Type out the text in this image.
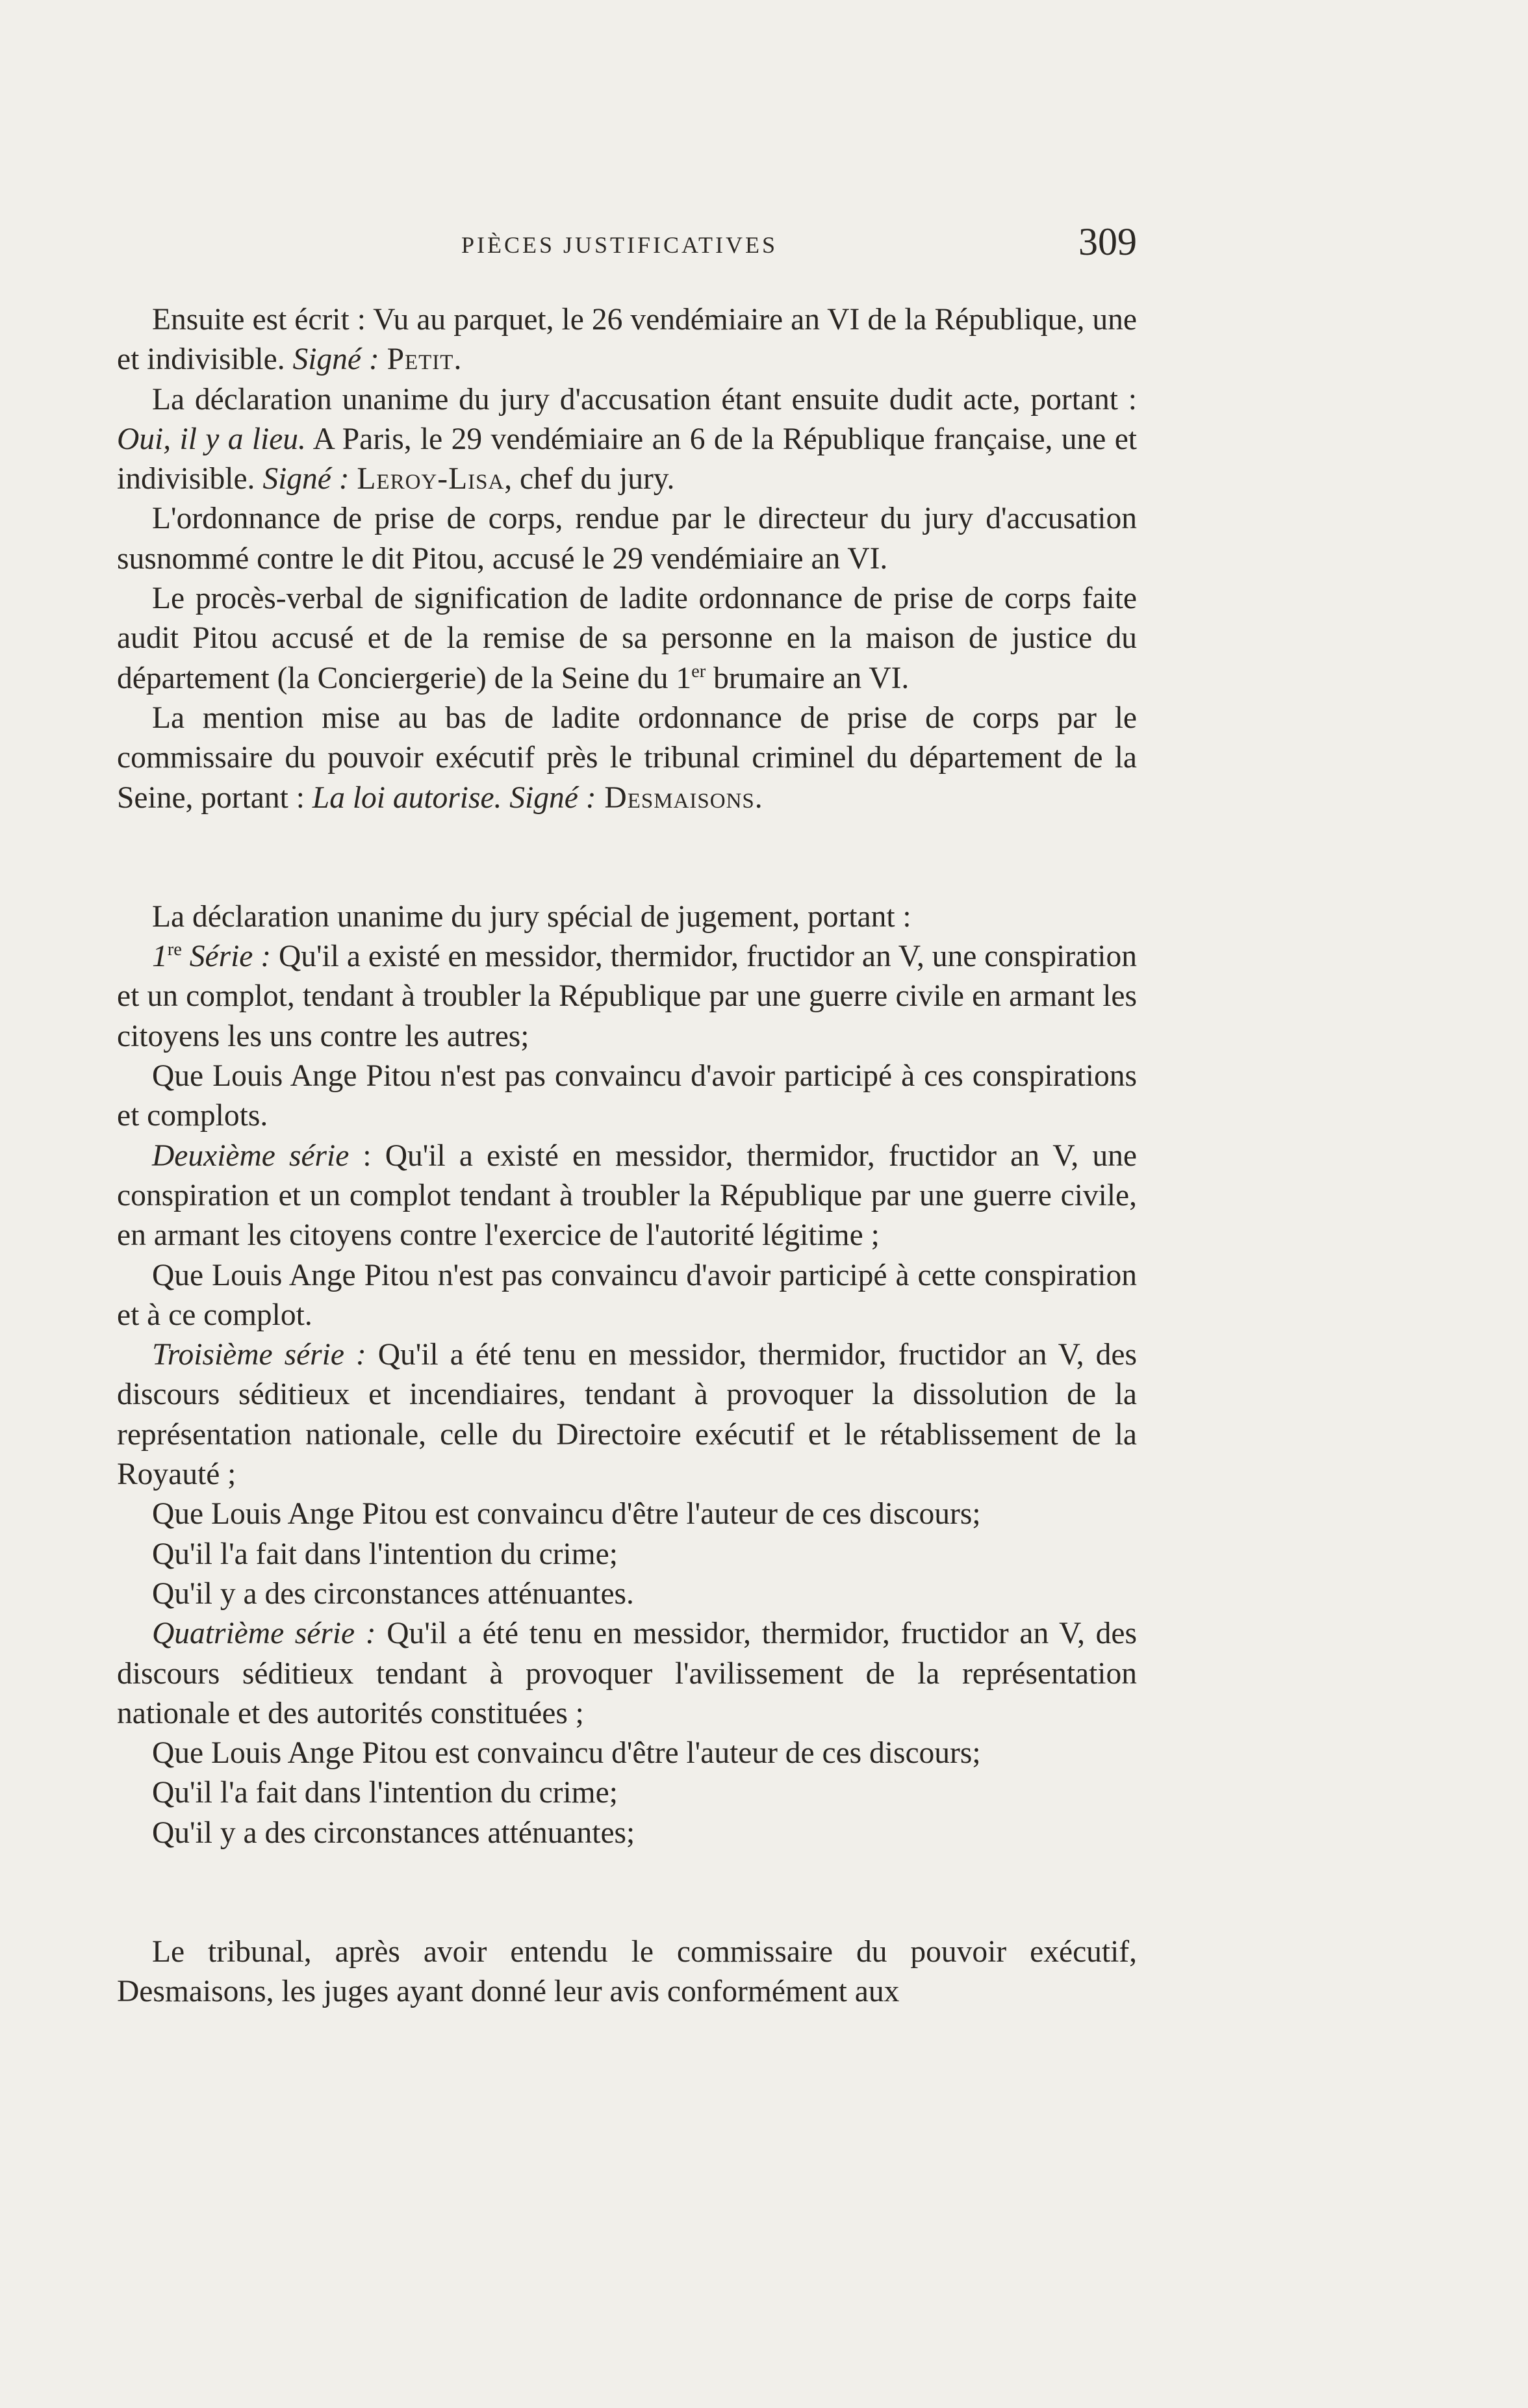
PIÈCES JUSTIFICATIVES	309

Ensuite est écrit : Vu au parquet, le 26 vendémiaire an VI de la République, une et indivisible. Signé : Petit.

La déclaration unanime du jury d'accusation étant ensuite dudit acte, portant : Oui, il y a lieu. A Paris, le 29 vendémiaire an 6 de la République française, une et indivisible. Signé : Leroy-Lisa, chef du jury.

L'ordonnance de prise de corps, rendue par le directeur du jury d'accusation susnommé contre le dit Pitou, accusé le 29 vendémiaire an VI.

Le procès-verbal de signification de ladite ordonnance de prise de corps faite audit Pitou accusé et de la remise de sa personne en la maison de justice du département (la Conciergerie) de la Seine du 1er brumaire an VI.

La mention mise au bas de ladite ordonnance de prise de corps par le commissaire du pouvoir exécutif près le tribunal criminel du département de la Seine, portant : La loi autorise. Signé : Desmaisons.

La déclaration unanime du jury spécial de jugement, portant :

1re Série : Qu'il a existé en messidor, thermidor, fructidor an V, une conspiration et un complot, tendant à troubler la République par une guerre civile en armant les citoyens les uns contre les autres;

Que Louis Ange Pitou n'est pas convaincu d'avoir participé à ces conspirations et complots.

Deuxième série : Qu'il a existé en messidor, thermidor, fructidor an V, une conspiration et un complot tendant à troubler la République par une guerre civile, en armant les citoyens contre l'exercice de l'autorité légitime ;

Que Louis Ange Pitou n'est pas convaincu d'avoir participé à cette conspiration et à ce complot.

Troisième série : Qu'il a été tenu en messidor, thermidor, fructidor an V, des discours séditieux et incendiaires, tendant à provoquer la dissolution de la représentation nationale, celle du Directoire exécutif et le rétablissement de la Royauté ;

Que Louis Ange Pitou est convaincu d'être l'auteur de ces discours;

Qu'il l'a fait dans l'intention du crime;

Qu'il y a des circonstances atténuantes.

Quatrième série : Qu'il a été tenu en messidor, thermidor, fructidor an V, des discours séditieux tendant à provoquer l'avilissement de la représentation nationale et des autorités constituées ;

Que Louis Ange Pitou est convaincu d'être l'auteur de ces discours;

Qu'il l'a fait dans l'intention du crime;

Qu'il y a des circonstances atténuantes;

Le tribunal, après avoir entendu le commissaire du pouvoir exécutif, Desmaisons, les juges ayant donné leur avis conformément aux
